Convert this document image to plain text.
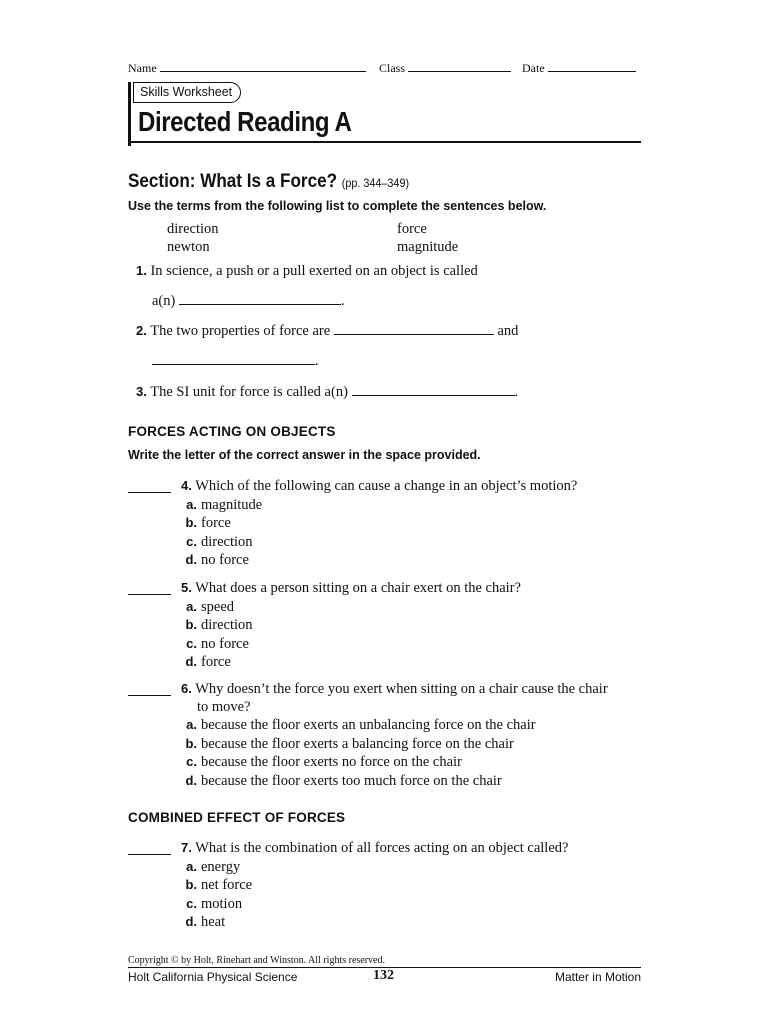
Name	Class	Date
Skills Worksheet
Directed Reading A
Section: What Is a Force? (pp. 344–349)
Use the terms from the following list to complete the sentences below.
direction	force
newton	magnitude
1. In science, a push or a pull exerted on an object is called
a(n)	.
2. The two properties of force are	and
.
3. The SI unit for force is called a(n)	.
FORCES ACTING ON OBJECTS
Write the letter of the correct answer in the space provided.
4. Which of the following can cause a change in an object’s motion?
a. magnitude
b. force
c. direction
d. no force
5. What does a person sitting on a chair exert on the chair?
a. speed
b. direction
c. no force
d. force
6. Why doesn’t the force you exert when sitting on a chair cause the chair
to move?
a. because the floor exerts an unbalancing force on the chair
b. because the floor exerts a balancing force on the chair
c. because the floor exerts no force on the chair
d. because the floor exerts too much force on the chair
COMBINED EFFECT OF FORCES
7. What is the combination of all forces acting on an object called?
a. energy
b. net force
c. motion
d. heat
Copyright © by Holt, Rinehart and Winston. All rights reserved.
Holt California Physical Science	132	Matter in Motion
